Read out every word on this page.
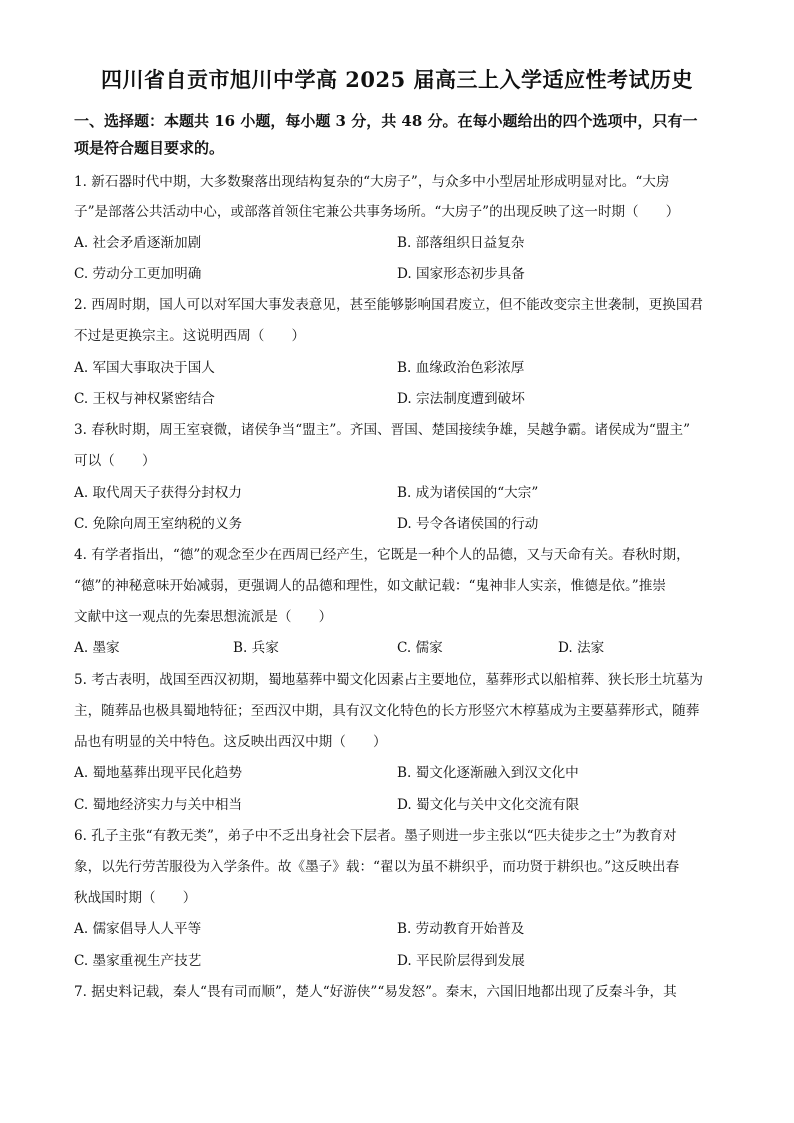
四川省自贡市旭川中学高 2025 届高三上入学适应性考试历史
一、选择题：本题共 16 小题，每小题 3 分，共 48 分。在每小题给出的四个选项中，只有一
项是符合题目要求的。
1. 新石器时代中期，大多数聚落出现结构复杂的“大房子”，与众多中小型居址形成明显对比。“大房
子”是部落公共活动中心，或部落首领住宅兼公共事务场所。“大房子”的出现反映了这一时期（　　）
A. 社会矛盾逐渐加剧	B. 部落组织日益复杂
C. 劳动分工更加明确	D. 国家形态初步具备
2. 西周时期，国人可以对军国大事发表意见，甚至能够影响国君废立，但不能改变宗主世袭制，更换国君
不过是更换宗主。这说明西周（　　）
A. 军国大事取决于国人	B. 血缘政治色彩浓厚
C. 王权与神权紧密结合	D. 宗法制度遭到破坏
3. 春秋时期，周王室衰微，诸侯争当“盟主”。齐国、晋国、楚国接续争雄，吴越争霸。诸侯成为“盟主”
可以（　　）
A. 取代周天子获得分封权力	B. 成为诸侯国的“大宗”
C. 免除向周王室纳税的义务	D. 号令各诸侯国的行动
4. 有学者指出，“德”的观念至少在西周已经产生，它既是一种个人的品德，又与天命有关。春秋时期，
“德”的神秘意味开始减弱，更强调人的品德和理性，如文献记载：“鬼神非人实亲，惟德是依。”推崇
文献中这一观点的先秦思想流派是（　　）
A. 墨家	B. 兵家	C. 儒家	D. 法家
5. 考古表明，战国至西汉初期，蜀地墓葬中蜀文化因素占主要地位，墓葬形式以船棺葬、狭长形土坑墓为
主，随葬品也极具蜀地特征；至西汉中期，具有汉文化特色的长方形竖穴木椁墓成为主要墓葬形式，随葬
品也有明显的关中特色。这反映出西汉中期（　　）
A. 蜀地墓葬出现平民化趋势	B. 蜀文化逐渐融入到汉文化中
C. 蜀地经济实力与关中相当	D. 蜀文化与关中文化交流有限
6. 孔子主张“有教无类”，弟子中不乏出身社会下层者。墨子则进一步主张以“匹夫徒步之士”为教育对
象，以先行劳苦服役为入学条件。故《墨子》载：“翟以为虽不耕织乎，而功贤于耕织也。”这反映出春
秋战国时期（　　）
A. 儒家倡导人人平等	B. 劳动教育开始普及
C. 墨家重视生产技艺	D. 平民阶层得到发展
7. 据史料记载，秦人“畏有司而顺”，楚人“好游侠”“易发怒”。秦末，六国旧地都出现了反秦斗争，其
